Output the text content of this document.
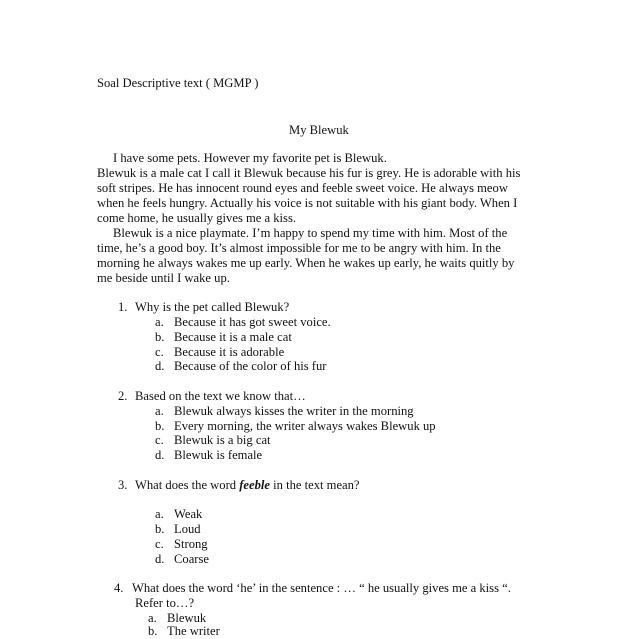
Soal Descriptive text ( MGMP )
My Blewuk
I have some pets. However my favorite pet is Blewuk.
Blewuk is a male cat I call it Blewuk because his fur is grey. He is adorable with his
soft stripes. He has innocent round eyes and feeble sweet voice. He always meow
when he feels hungry. Actually his voice is not suitable with his giant body. When I
come home, he usually gives me a kiss.
Blewuk is a nice playmate. I’m happy to spend my time with him. Most of the
time, he’s a good boy. It’s almost impossible for me to be angry with him. In the
morning he always wakes me up early. When he wakes up early, he waits quitly by
me beside until I wake up.
1. Why is the pet called Blewuk?
a. Because it has got sweet voice.
b. Because it is a male cat
c. Because it is adorable
d. Because of the color of his fur
2. Based on the text we know that…
a. Blewuk always kisses the writer in the morning
b. Every morning, the writer always wakes Blewuk up
c. Blewuk is a big cat
d. Blewuk is female
3. What does the word feeble in the text mean?
a. Weak
b. Loud
c. Strong
d. Coarse
4. What does the word ‘he’ in the sentence : … “ he usually gives me a kiss “.
Refer to…?
a. Blewuk
b. The writer
